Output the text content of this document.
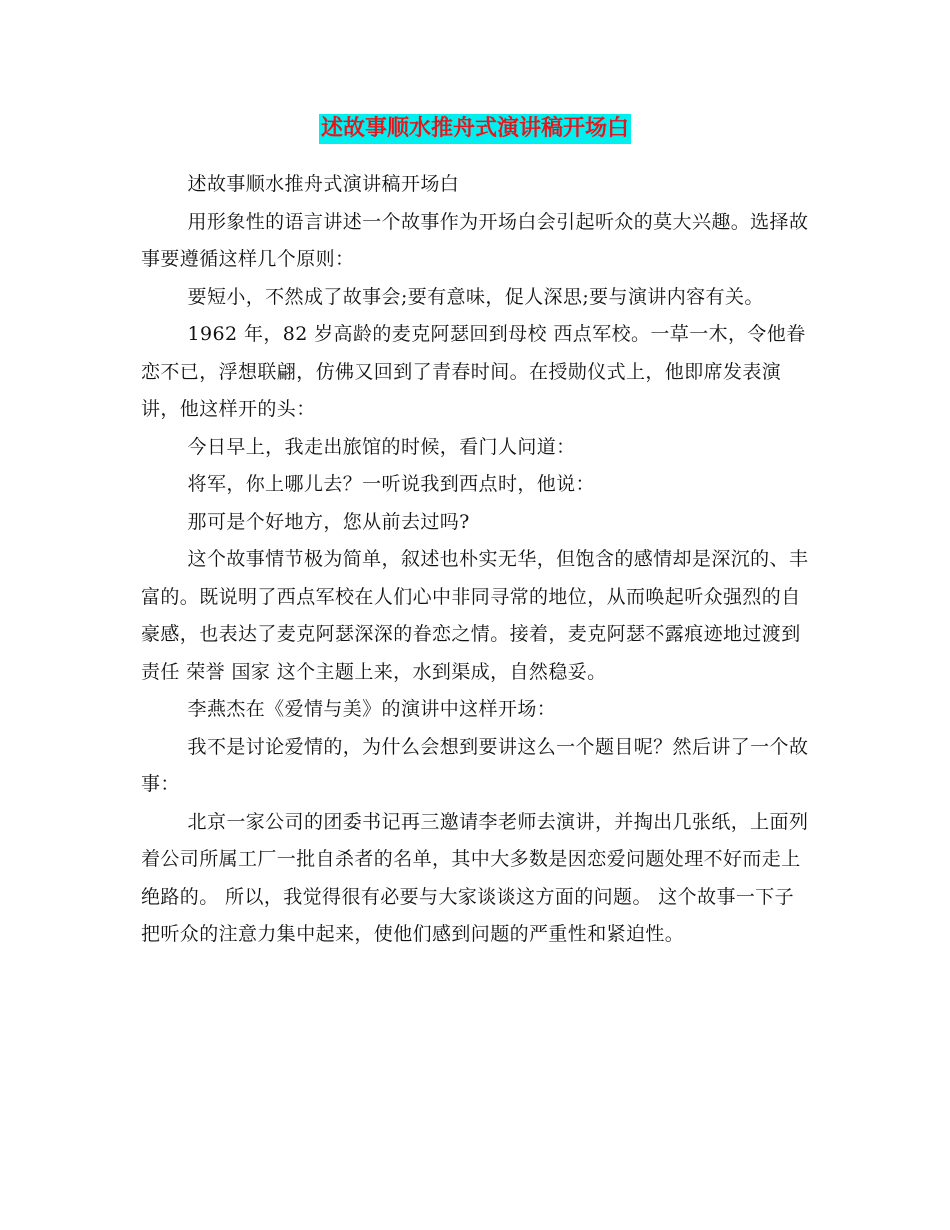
述故事顺水推舟式演讲稿开场白

述故事顺水推舟式演讲稿开场白

用形象性的语言讲述一个故事作为开场白会引起听众的莫大兴趣。选择故事要遵循这样几个原则：

要短小，不然成了故事会;要有意味，促人深思;要与演讲内容有关。

1962 年，82 岁高龄的麦克阿瑟回到母校 西点军校。一草一木，令他眷恋不已，浮想联翩，仿佛又回到了青春时间。在授勋仪式上，他即席发表演讲，他这样开的头：

今日早上，我走出旅馆的时候，看门人问道：

将军，你上哪儿去？一听说我到西点时，他说：

那可是个好地方，您从前去过吗?

这个故事情节极为简单，叙述也朴实无华，但饱含的感情却是深沉的、丰富的。既说明了西点军校在人们心中非同寻常的地位，从而唤起听众强烈的自豪感，也表达了麦克阿瑟深深的眷恋之情。接着，麦克阿瑟不露痕迹地过渡到 责任 荣誉 国家 这个主题上来，水到渠成，自然稳妥。

李燕杰在《爱情与美》的演讲中这样开场：

我不是讨论爱情的，为什么会想到要讲这么一个题目呢？然后讲了一个故事：

北京一家公司的团委书记再三邀请李老师去演讲，并掏出几张纸，上面列着公司所属工厂一批自杀者的名单，其中大多数是因恋爱问题处理不好而走上绝路的。 所以，我觉得很有必要与大家谈谈这方面的问题。 这个故事一下子把听众的注意力集中起来，使他们感到问题的严重性和紧迫性。
